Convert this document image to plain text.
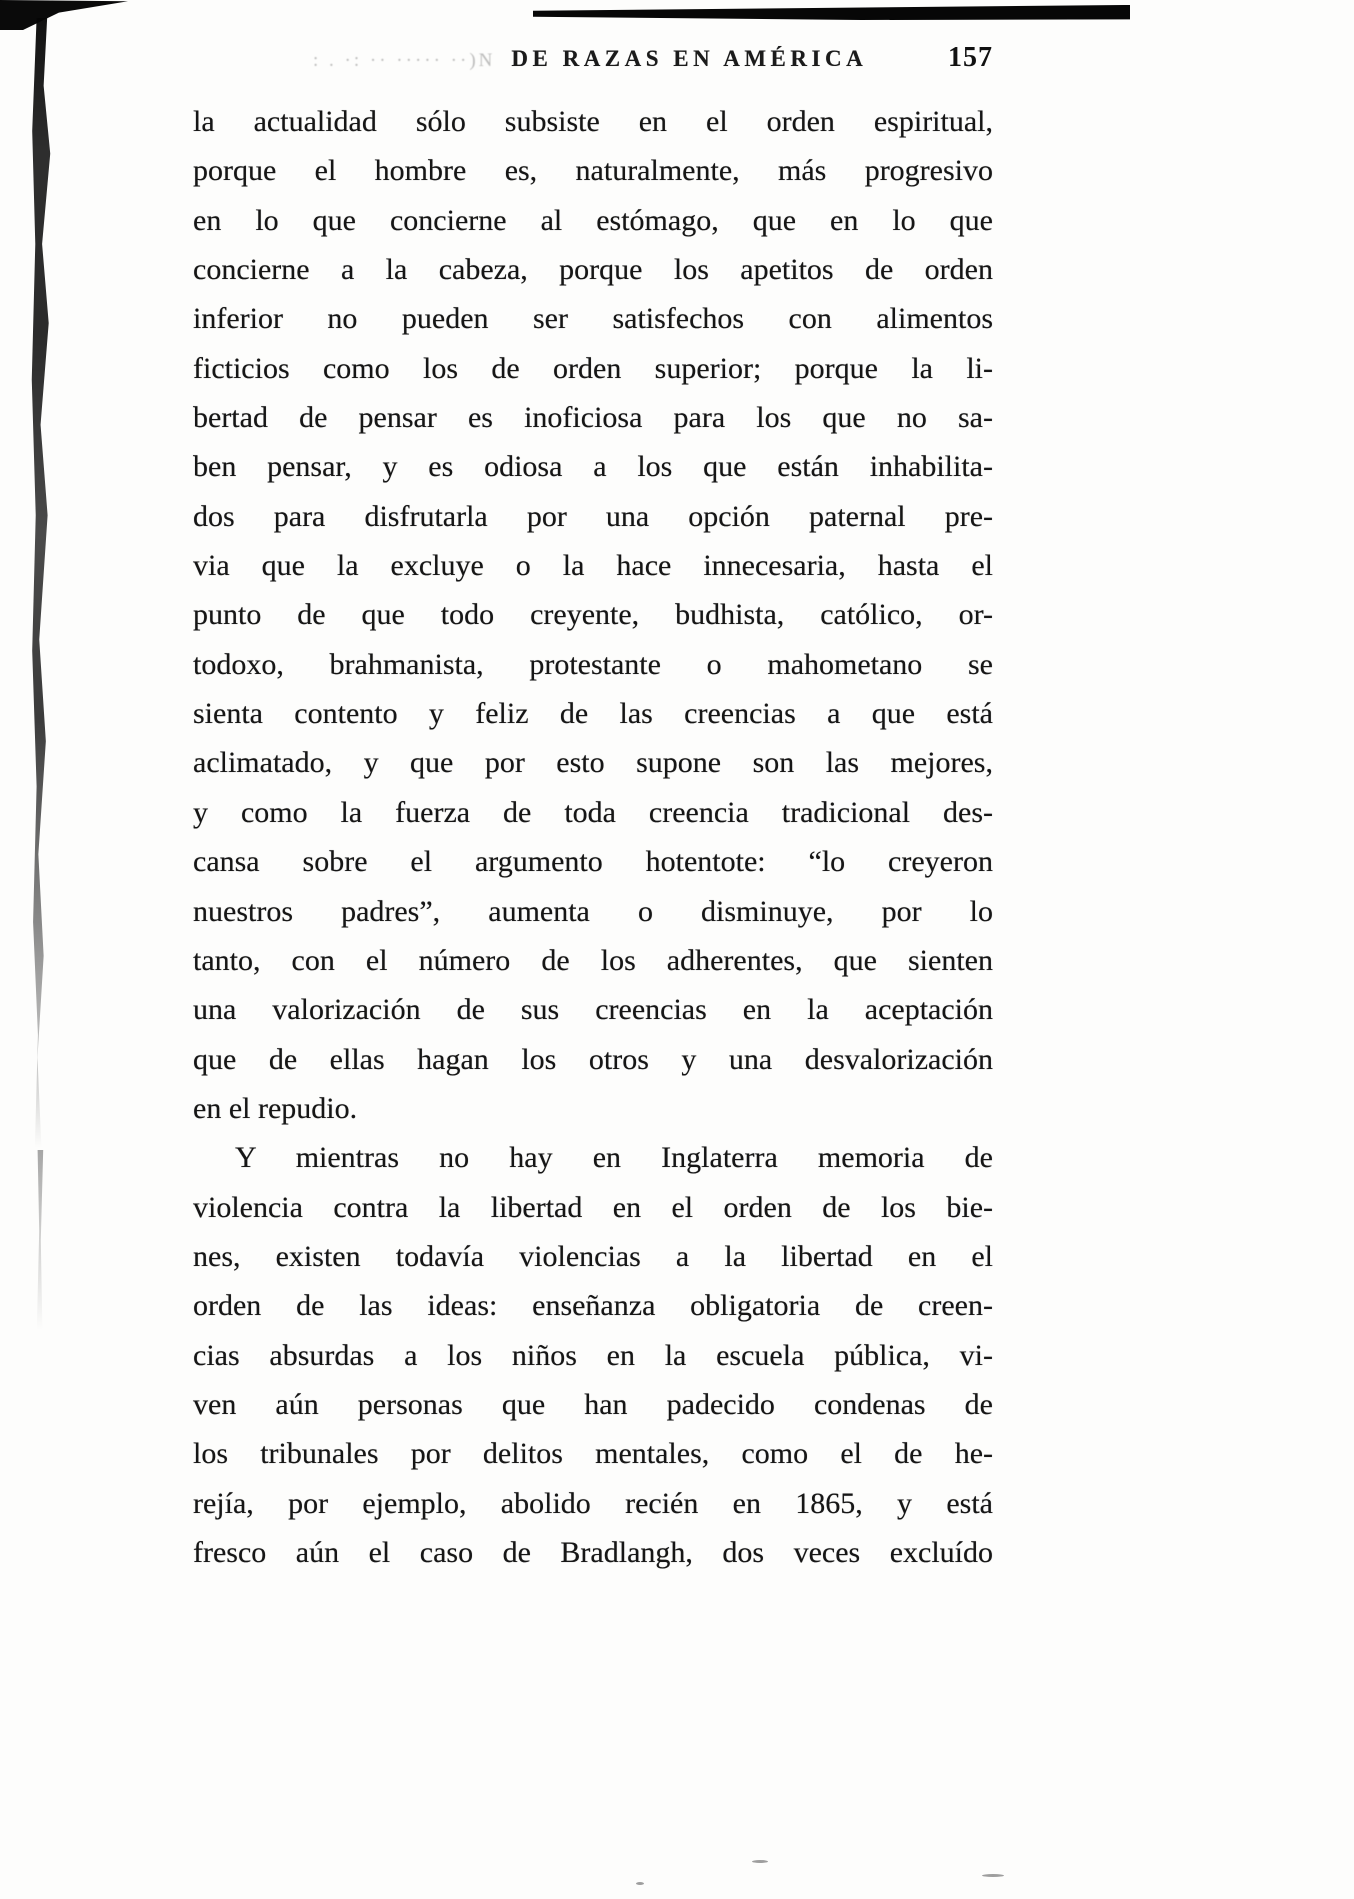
: . ·: ·· ····· ··)N DE RAZAS EN AMÉRICA	157
la actualidad sólo subsiste en el orden espiritual,
porque el hombre es, naturalmente, más progresivo
en lo que concierne al estómago, que en lo que
concierne a la cabeza, porque los apetitos de orden
inferior no pueden ser satisfechos con alimentos
ficticios como los de orden superior; porque la li-
bertad de pensar es inoficiosa para los que no sa-
ben pensar, y es odiosa a los que están inhabilita-
dos para disfrutarla por una opción paternal pre-
via que la excluye o la hace innecesaria, hasta el
punto de que todo creyente, budhista, católico, or-
todoxo, brahmanista, protestante o mahometano se
sienta contento y feliz de las creencias a que está
aclimatado, y que por esto supone son las mejores,
y como la fuerza de toda creencia tradicional des-
cansa sobre el argumento hotentote: “lo creyeron
nuestros padres”, aumenta o disminuye, por lo
tanto, con el número de los adherentes, que sienten
una valorización de sus creencias en la aceptación
que de ellas hagan los otros y una desvalorización
en el repudio.
Y mientras no hay en Inglaterra memoria de
violencia contra la libertad en el orden de los bie-
nes, existen todavía violencias a la libertad en el
orden de las ideas: enseñanza obligatoria de creen-
cias absurdas a los niños en la escuela pública, vi-
ven aún personas que han padecido condenas de
los tribunales por delitos mentales, como el de he-
rejía, por ejemplo, abolido recién en 1865, y está
fresco aún el caso de Bradlangh, dos veces excluído
